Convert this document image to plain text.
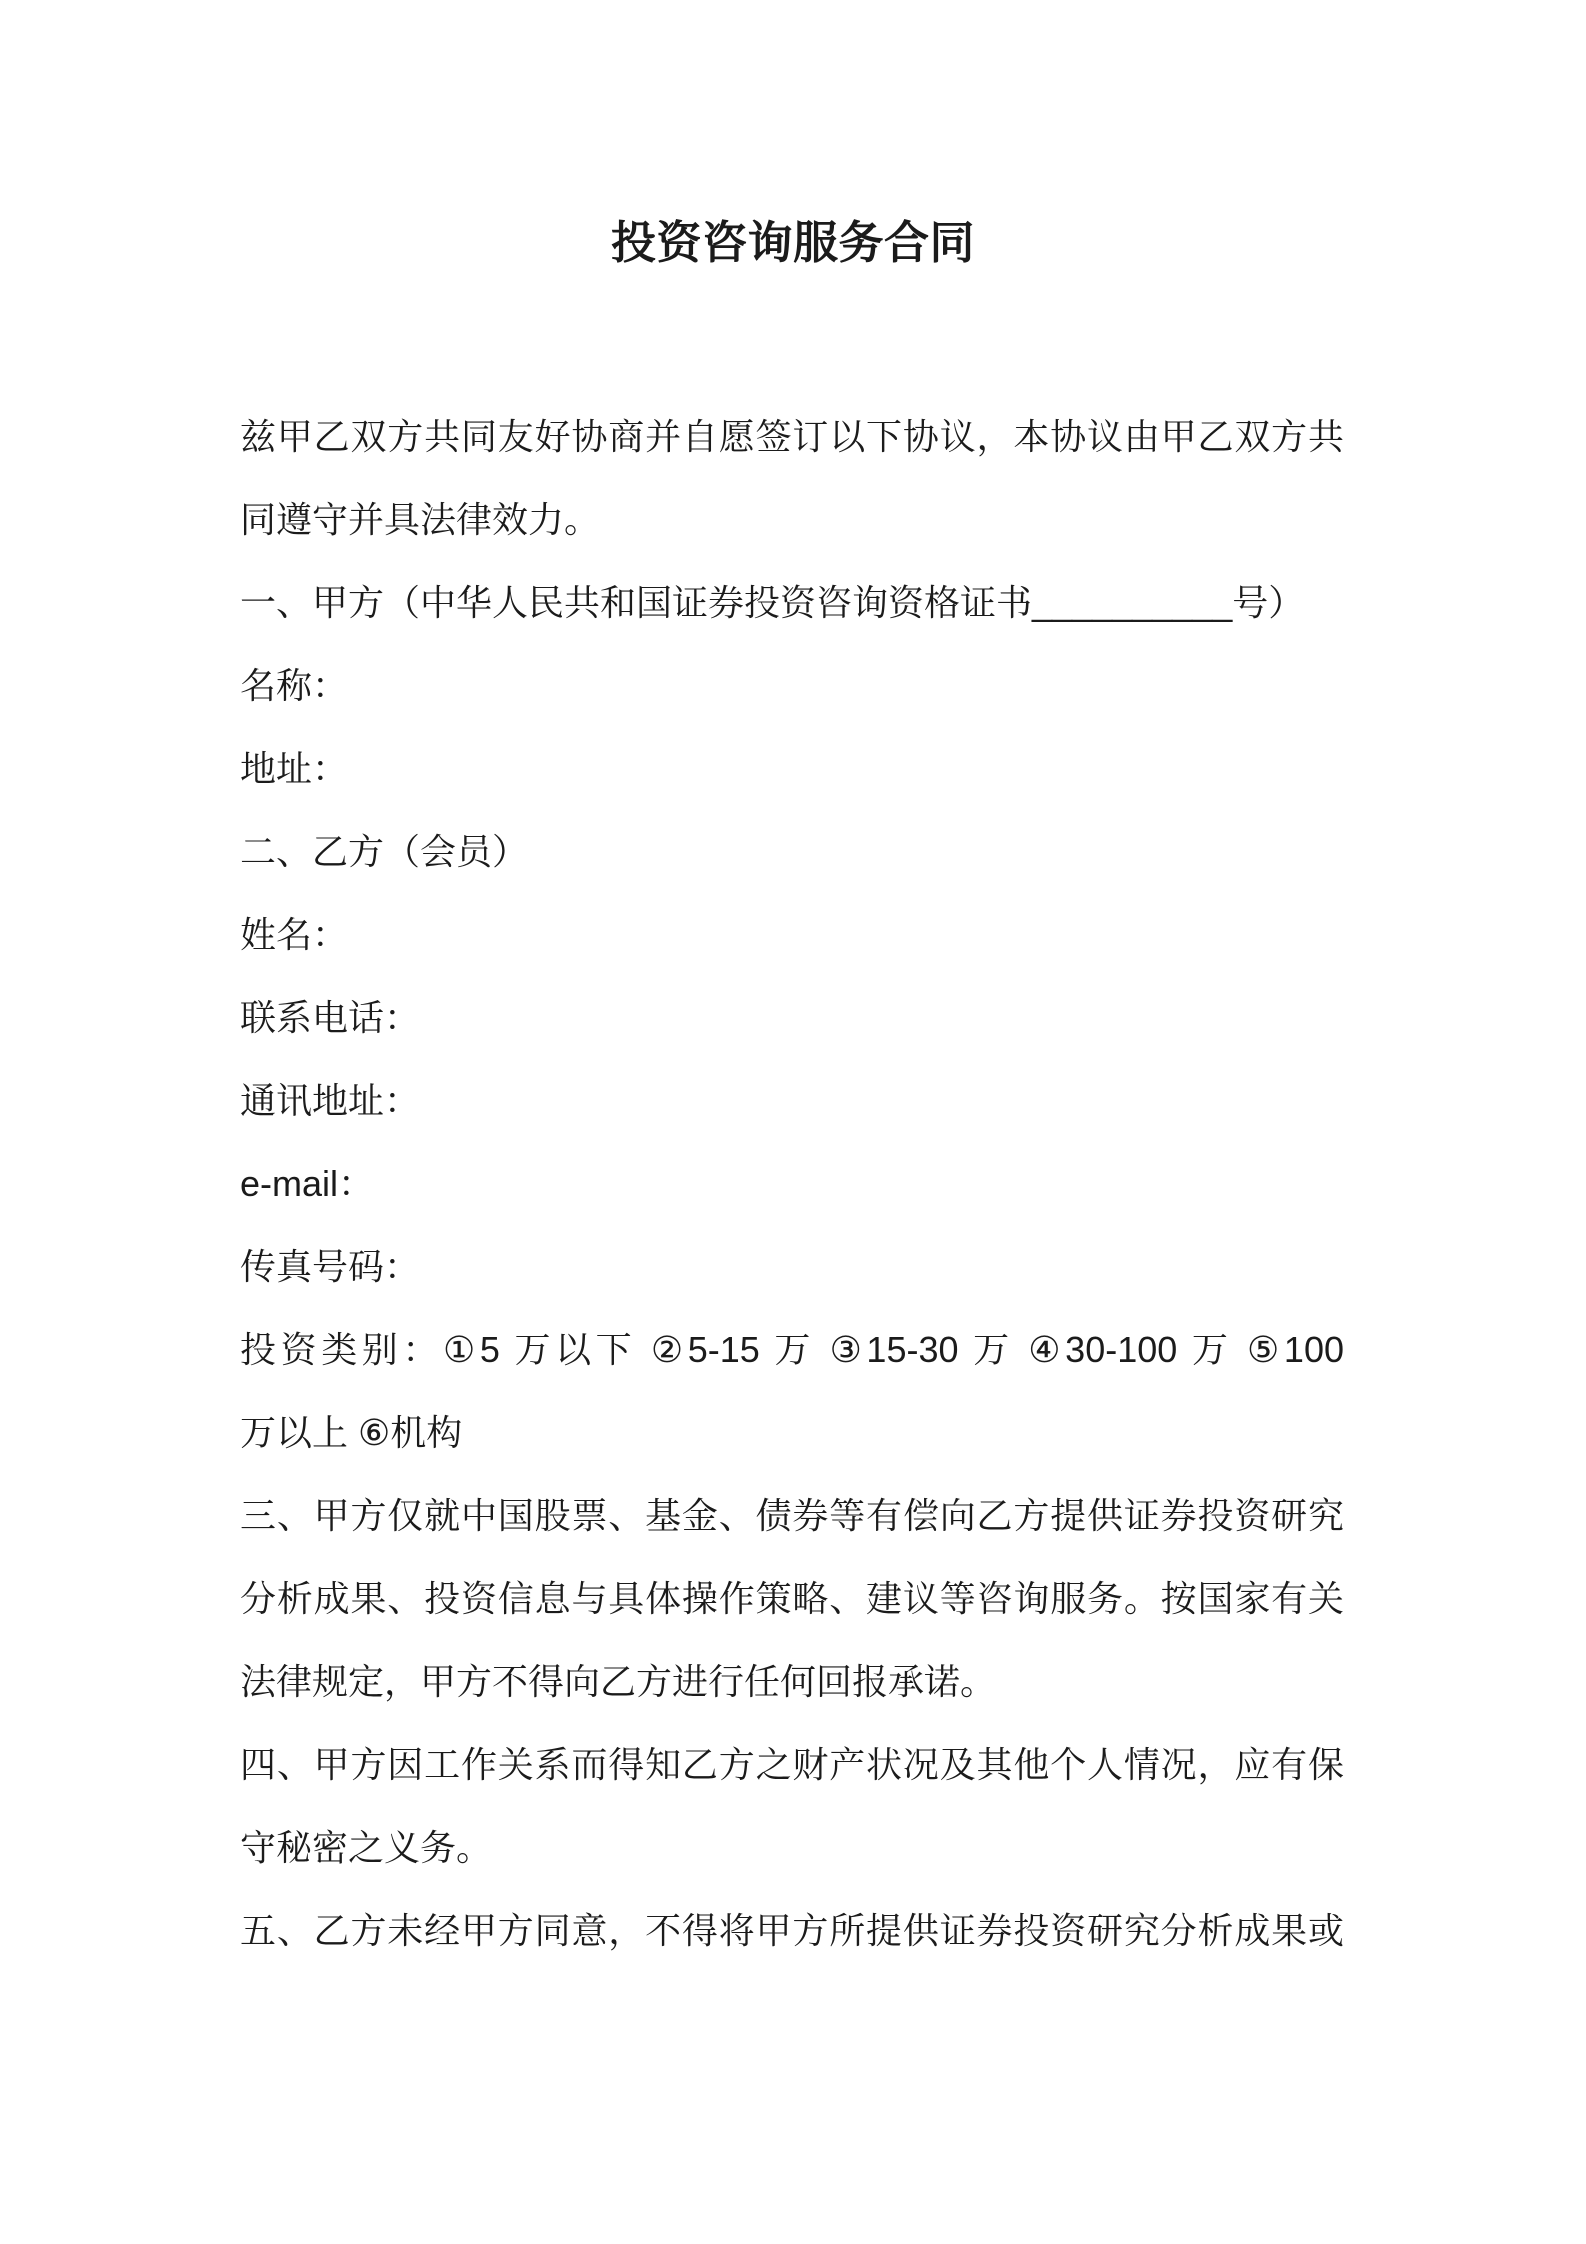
投资咨询服务合同
兹甲乙双方共同友好协商并自愿签订以下协议，本协议由甲乙双方共
同遵守并具法律效力。
一、甲方（中华人民共和国证券投资咨询资格证书__________号）
名称：
地址：
二、乙方（会员）
姓名：
联系电话：
通讯地址：
e-mail：
传真号码：
投资类别：①5 万以下 ②5-15 万 ③15-30 万 ④30-100 万 ⑤100
万以上 ⑥机构
三、甲方仅就中国股票、基金、债券等有偿向乙方提供证券投资研究
分析成果、投资信息与具体操作策略、建议等咨询服务。按国家有关
法律规定，甲方不得向乙方进行任何回报承诺。
四、甲方因工作关系而得知乙方之财产状况及其他个人情况，应有保
守秘密之义务。
五、乙方未经甲方同意，不得将甲方所提供证券投资研究分析成果或
